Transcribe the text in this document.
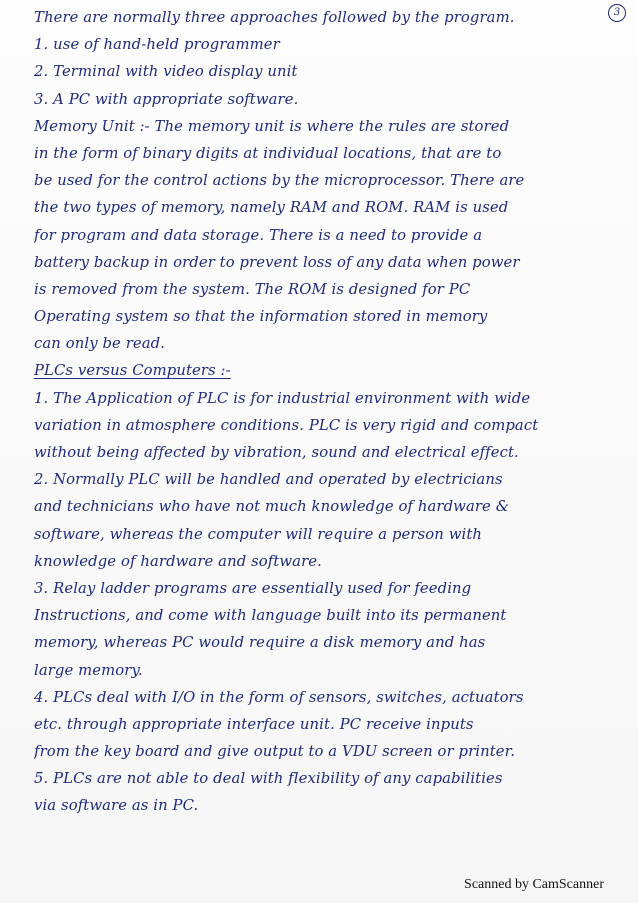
3
There are normally three approaches followed by the program.
1. use of hand-held programmer
2. Terminal with video display unit
3. A PC with appropriate software.
Memory Unit :- The memory unit is where the rules are stored
in the form of binary digits at individual locations, that are to
be used for the control actions by the microprocessor. There are
the two types of memory, namely RAM and ROM. RAM is used
for program and data storage. There is a need to provide a
battery backup in order to prevent loss of any data when power
is removed from the system. The ROM is designed for PC
Operating system so that the information stored in memory
can only be read.
PLCs versus Computers :-
1. The Application of PLC is for industrial environment with wide
variation in atmosphere conditions. PLC is very rigid and compact
without being affected by vibration, sound and electrical effect.
2. Normally PLC will be handled and operated by electricians
and technicians who have not much knowledge of hardware &
software, whereas the computer will require a person with
knowledge of hardware and software.
3. Relay ladder programs are essentially used for feeding
Instructions, and come with language built into its permanent
memory, whereas PC would require a disk memory and has
large memory.
4. PLCs deal with I/O in the form of sensors, switches, actuators
etc. through appropriate interface unit. PC receive inputs
from the key board and give output to a VDU screen or printer.
5. PLCs are not able to deal with flexibility of any capabilities
via software as in PC.
Scanned by CamScanner
